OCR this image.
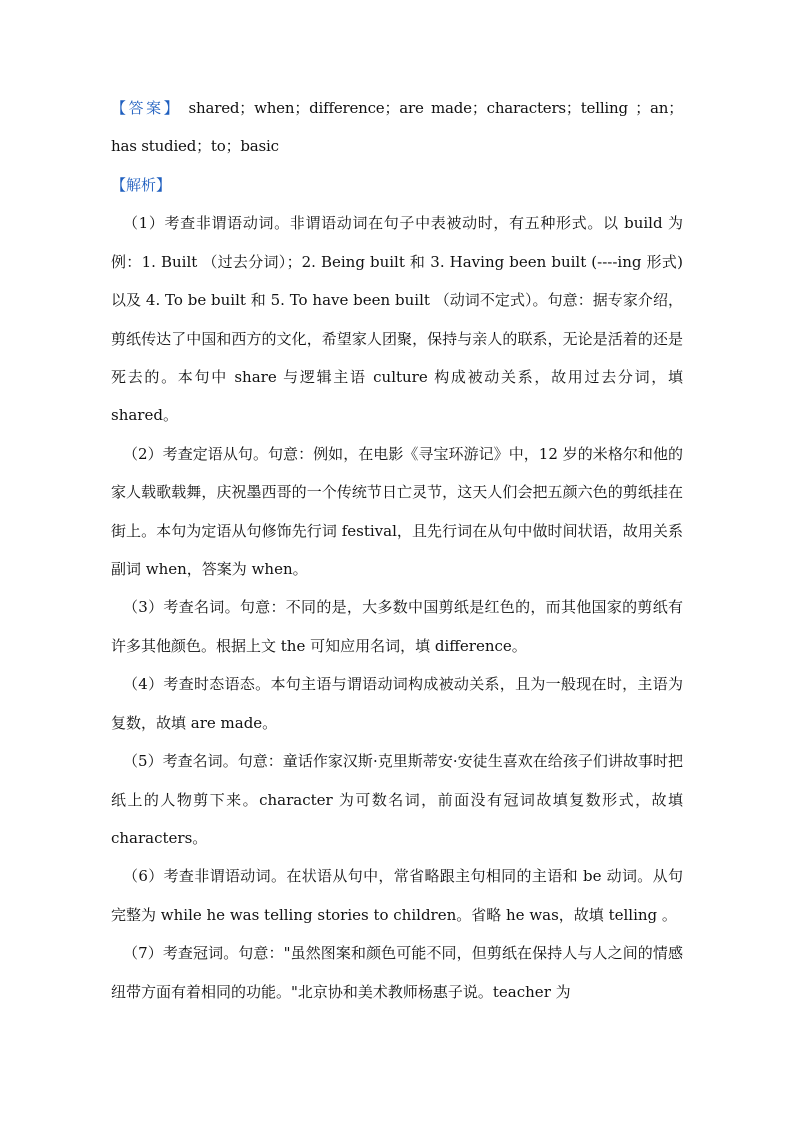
【答案】 shared；when；difference；are made；characters；telling ；an；has studied；to；basic

【解析】

（1）考查非谓语动词。非谓语动词在句子中表被动时，有五种形式。以 build 为例：1. Built （过去分词）；2. Being built 和 3. Having been built (----ing 形式) 以及 4. To be built 和 5. To have been built （动词不定式）。句意：据专家介绍，剪纸传达了中国和西方的文化，希望家人团聚，保持与亲人的联系，无论是活着的还是死去的。本句中 share 与逻辑主语 culture 构成被动关系，故用过去分词，填 shared。

（2）考查定语从句。句意：例如，在电影《寻宝环游记》中，12 岁的米格尔和他的家人载歌载舞，庆祝墨西哥的一个传统节日亡灵节，这天人们会把五颜六色的剪纸挂在街上。本句为定语从句修饰先行词 festival，且先行词在从句中做时间状语，故用关系副词 when，答案为 when。

（3）考查名词。句意：不同的是，大多数中国剪纸是红色的，而其他国家的剪纸有许多其他颜色。根据上文 the 可知应用名词，填 difference。

（4）考查时态语态。本句主语与谓语动词构成被动关系，且为一般现在时，主语为复数，故填 are made。

（5）考查名词。句意：童话作家汉斯·克里斯蒂安·安徒生喜欢在给孩子们讲故事时把纸上的人物剪下来。character 为可数名词，前面没有冠词故填复数形式，故填 characters。

（6）考查非谓语动词。在状语从句中，常省略跟主句相同的主语和 be 动词。从句完整为 while he was telling stories to children。省略 he was，故填 telling 。

（7）考查冠词。句意："虽然图案和颜色可能不同，但剪纸在保持人与人之间的情感纽带方面有着相同的功能。"北京协和美术教师杨惠子说。teacher 为
